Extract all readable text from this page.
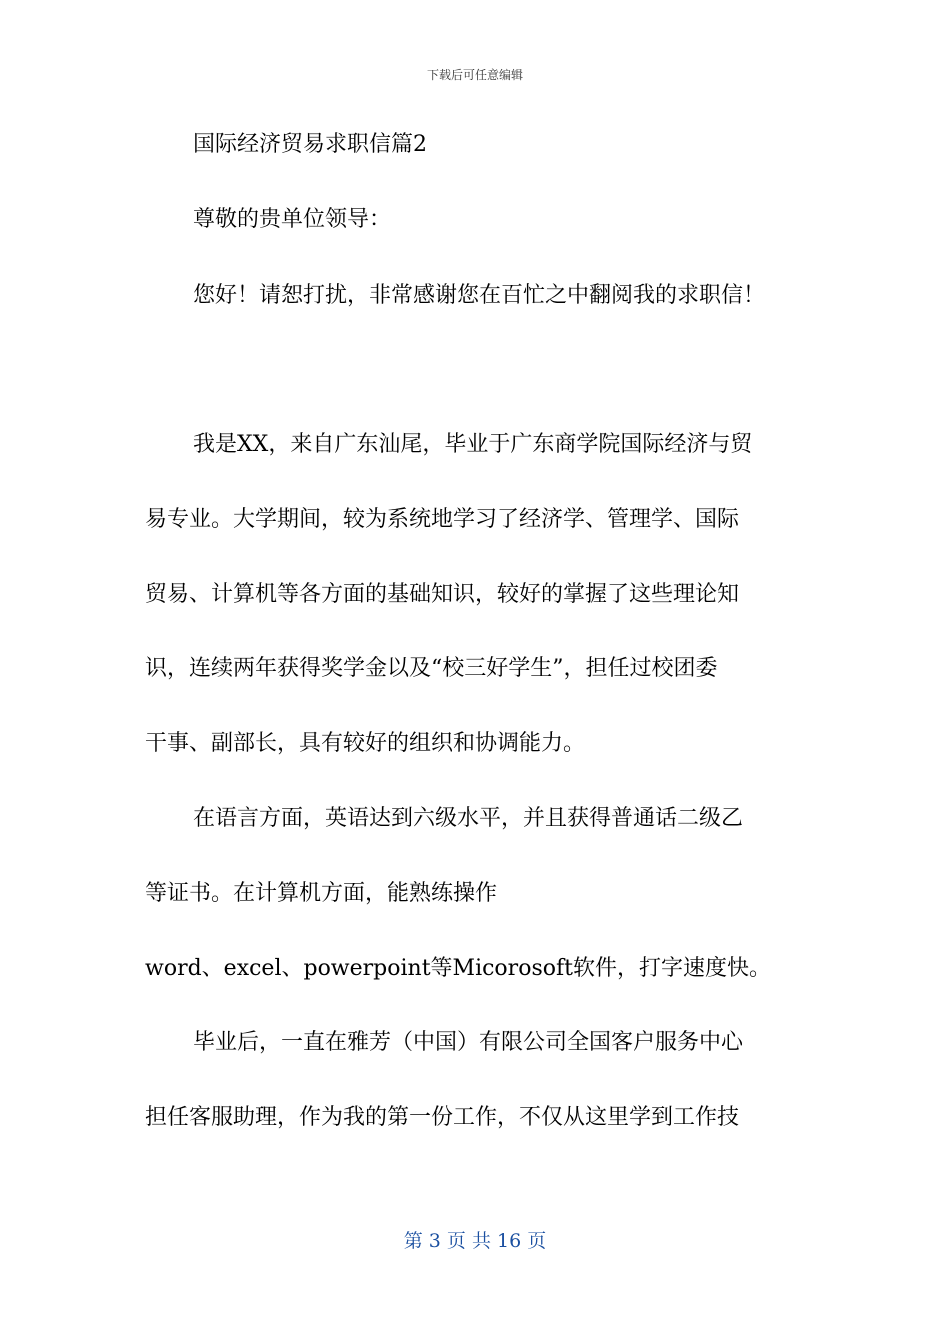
下载后可任意编辑
国际经济贸易求职信篇2
尊敬的贵单位领导：
您好！请恕打扰，非常感谢您在百忙之中翻阅我的求职信！
我是XX，来自广东汕尾，毕业于广东商学院国际经济与贸
易专业。大学期间，较为系统地学习了经济学、管理学、国际
贸易、计算机等各方面的基础知识，较好的掌握了这些理论知
识，连续两年获得奖学金以及“校三好学生”，担任过校团委
干事、副部长，具有较好的组织和协调能力。
在语言方面，英语达到六级水平，并且获得普通话二级乙
等证书。在计算机方面，能熟练操作
word、excel、powerpoint等Micorosoft软件，打字速度快。
毕业后，一直在雅芳（中国）有限公司全国客户服务中心
担任客服助理，作为我的第一份工作，不仅从这里学到工作技
第 3 页 共 16 页
